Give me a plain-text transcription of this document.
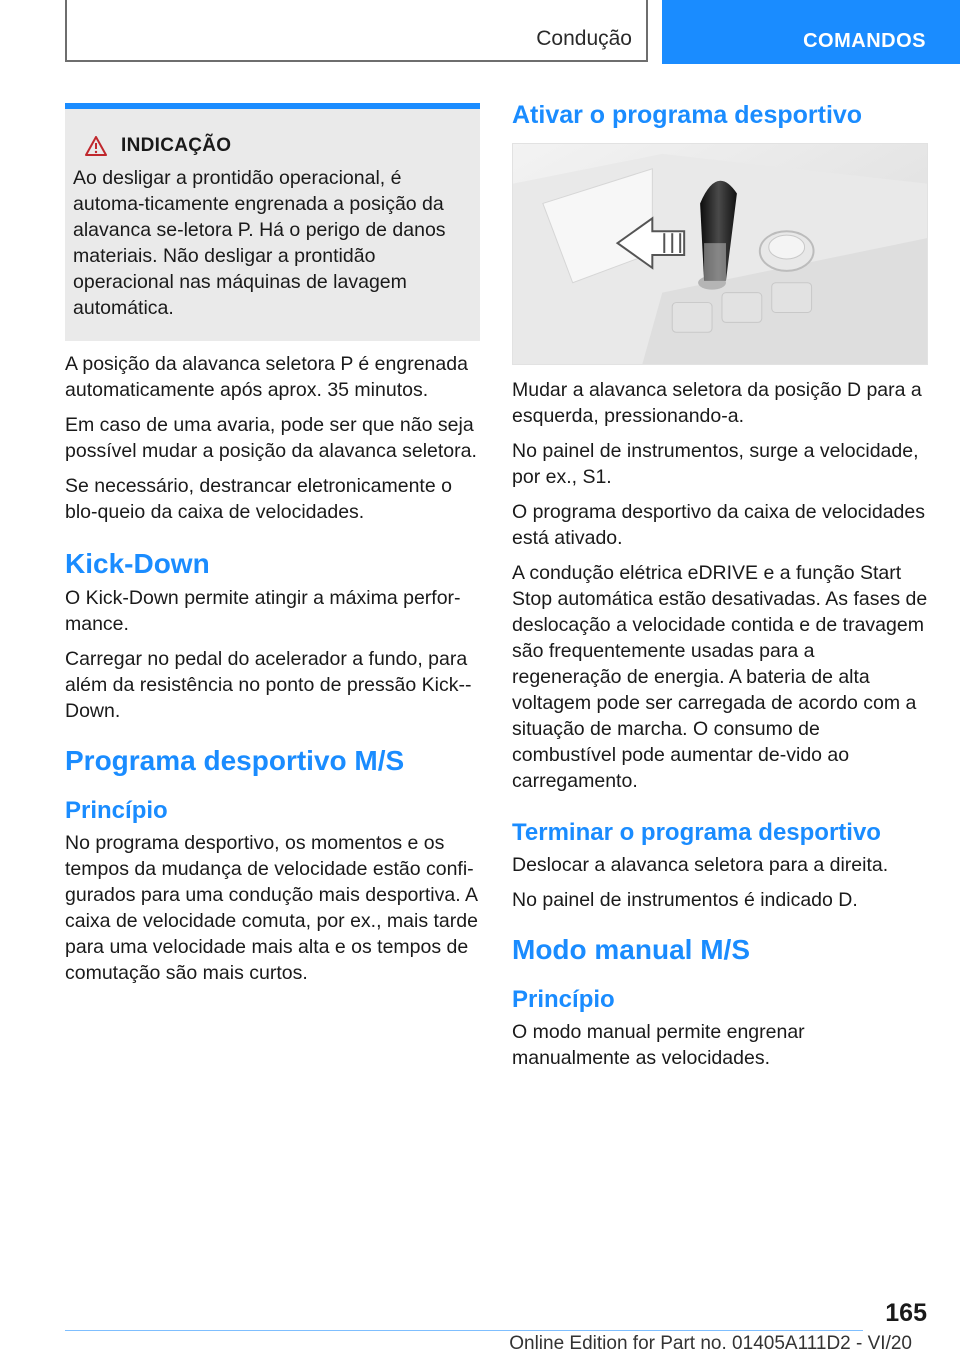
Condução	COMANDOS
INDICAÇÃO

Ao desligar a prontidão operacional, é automa-ticamente engrenada a posição da alavanca se-letora P. Há o perigo de danos materiais. Não desligar a prontidão operacional nas máquinas de lavagem automática.

A posição da alavanca seletora P é engrenada automaticamente após aprox. 35 minutos.

Em caso de uma avaria, pode ser que não seja possível mudar a posição da alavanca seletora.

Se necessário, destrancar eletronicamente o blo-queio da caixa de velocidades.

Kick-Down

O Kick-Down permite atingir a máxima perfor-mance.

Carregar no pedal do acelerador a fundo, para além da resistência no ponto de pressão Kick--Down.

Programa desportivo M/S
Princípio

No programa desportivo, os momentos e os tempos da mudança de velocidade estão confi-gurados para uma condução mais desportiva. A caixa de velocidade comuta, por ex., mais tarde para uma velocidade mais alta e os tempos de comutação são mais curtos.

Ativar o programa desportivo

Mudar a alavanca seletora da posição D para a esquerda, pressionando-a.

No painel de instrumentos, surge a velocidade, por ex., S1.

O programa desportivo da caixa de velocidades está ativado.

A condução elétrica eDRIVE e a função Start Stop automática estão desativadas. As fases de deslocação a velocidade contida e de travagem são frequentemente usadas para a regeneração de energia. A bateria de alta voltagem pode ser carregada de acordo com a situação de marcha. O consumo de combustível pode aumentar de-vido ao carregamento.

Terminar o programa desportivo

Deslocar a alavanca seletora para a direita.

No painel de instrumentos é indicado D.

Modo manual M/S
Princípio

O modo manual permite engrenar manualmente as velocidades.

165
Online Edition for Part no. 01405A111D2 - VI/20
